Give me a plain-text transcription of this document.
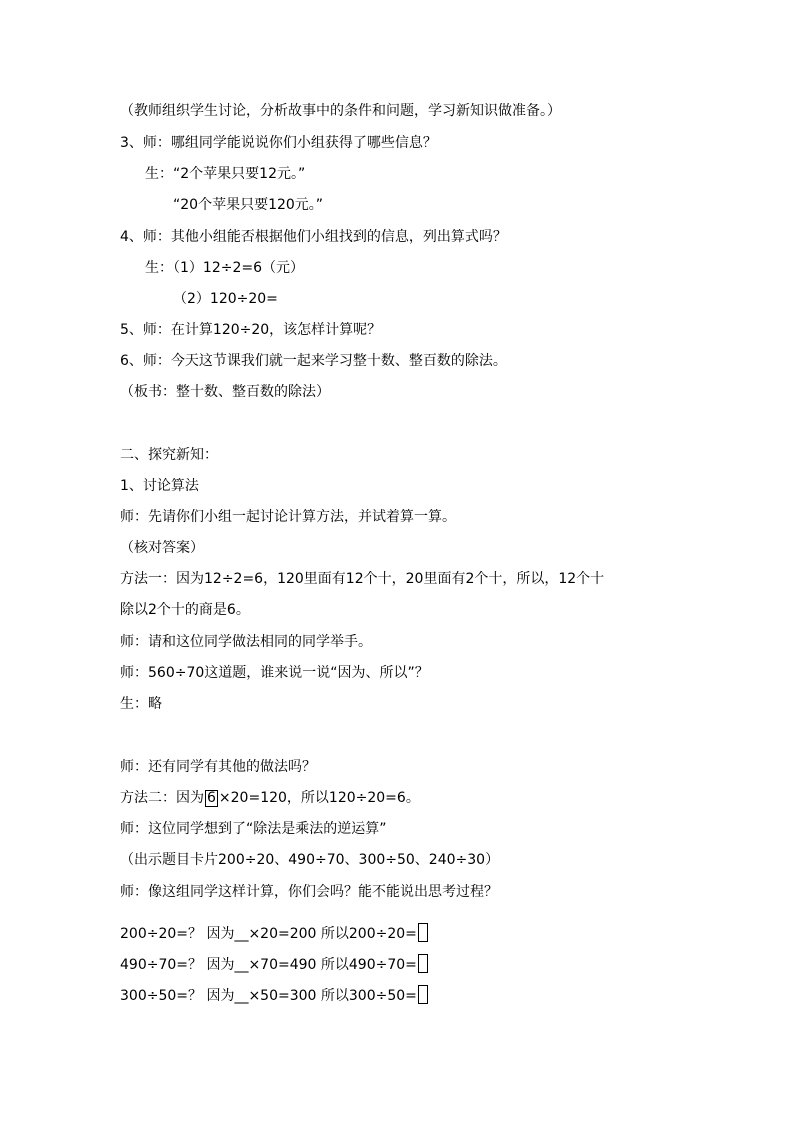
（教师组织学生讨论，分析故事中的条件和问题，学习新知识做准备。）
3、师：哪组同学能说说你们小组获得了哪些信息？
生：“2个苹果只要12元。”
“20个苹果只要120元。”
4、师：其他小组能否根据他们小组找到的信息，列出算式吗？
生：（1）12÷2=6（元）
（2）120÷20=
5、师：在计算120÷20，该怎样计算呢？
6、师：今天这节课我们就一起来学习整十数、整百数的除法。
（板书：整十数、整百数的除法）
二、探究新知：
1、讨论算法
师：先请你们小组一起讨论计算方法，并试着算一算。
（核对答案）
方法一：因为12÷2=6，120里面有12个十，20里面有2个十，所以，12个十
除以2个十的商是6。
师：请和这位同学做法相同的同学举手。
师：560÷70这道题，谁来说一说“因为、所以”？
生：略
师：还有同学有其他的做法吗？
方法二：因为 6 ×20=120，所以120÷20=6。
师：这位同学想到了“除法是乘法的逆运算”
（出示题目卡片200÷20、490÷70、300÷50、240÷30）
师：像这组同学这样计算，你们会吗？能不能说出思考过程？
200÷20=？ 因为__×20=200 所以200÷20=
490÷70=？ 因为__×70=490 所以490÷70=
300÷50=？ 因为__×50=300 所以300÷50=
